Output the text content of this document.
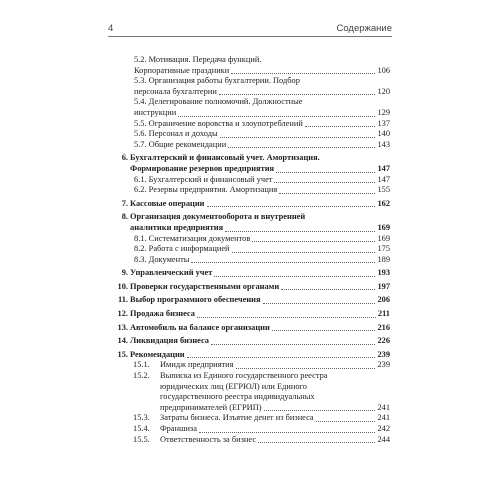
4	Содержание
5.2. Мотивация. Передача функций.
Корпоративные праздники	106
5.3. Организация работы бухгалтерии. Подбор
персонала бухгалтерии	120
5.4. Делегирование полномочий. Должностные
инструкции	129
5.5. Ограничение воровства и злоупотреблений	137
5.6. Персонал и доходы	140
5.7. Общие рекомендации	143
6. Бухгалтерский и финансовый учет. Амортизация.
Формирование резервов предприятия	147
6.1. Бухгалтерский и финансовый учет	147
6.2. Резервы предприятия. Амортизация	155
7. Кассовые операции	162
8. Организация документооборота и внутренней
аналитики предприятия	169
8.1. Систематизация документов	169
8.2. Работа с информацией	175
8.3. Документы	189
9. Управленческий учет	193
10. Проверки государственными органами	197
11. Выбор программного обеспечения	206
12. Продажа бизнеса	211
13. Автомобиль на балансе организации	216
14. Ликвидация бизнеса	226
15. Рекомендации	239
15.1. Имидж предприятия	239
15.2. Выписка из Единого государственного реестра
юридических лиц (ЕГРЮЛ) или Единого
государственного реестра индивидуальных
предпринимателей (ЕГРИП)	241
15.3. Затраты бизнеса. Изъятие денег из бизнеса	241
15.4. Франшиза	242
15.5. Ответственность за бизнес	244
